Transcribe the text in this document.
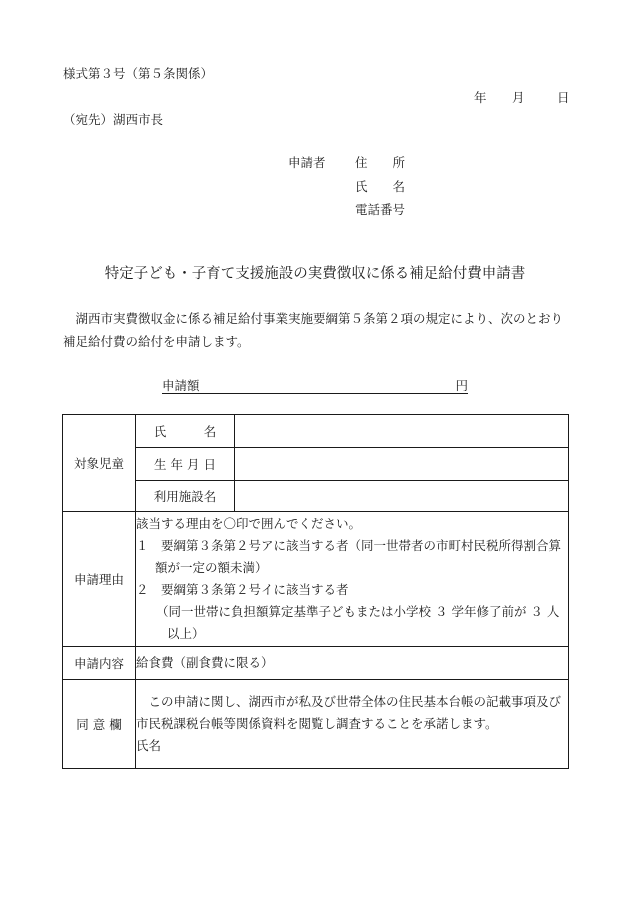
様式第３号（第５条関係）
年 月	日
（宛先）湖西市長
申請者 住　　所
氏　　名
電話番号
特定子ども・子育て支援施設の実費徴収に係る補足給付費申請書
湖西市実費徴収金に係る補足給付事業実施要綱第５条第２項の規定により、次のとおり補足給付費の給付を申請します。
申請額	円
対象児童	氏　　　名	
	生 年 月 日	
	利用施設名	
申請理由	該当する理由を〇印で囲んでください。
１　要綱第３条第２号アに該当する者（同一世帯者の市町村民税所得割合算額が一定の額未満）
２　要綱第３条第２号イに該当する者
（同一世帯に負担額算定基準子どもまたは小学校 ３ 学年修了前が ３ 人以上）	

申請内容	給食費（副食費に限る）	
同 意 欄	この申請に関し、湖西市が私及び世帯全体の住民基本台帳の記載事項及び市民税課税台帳等関係資料を閲覧し調査することを承諾します。
氏名	
